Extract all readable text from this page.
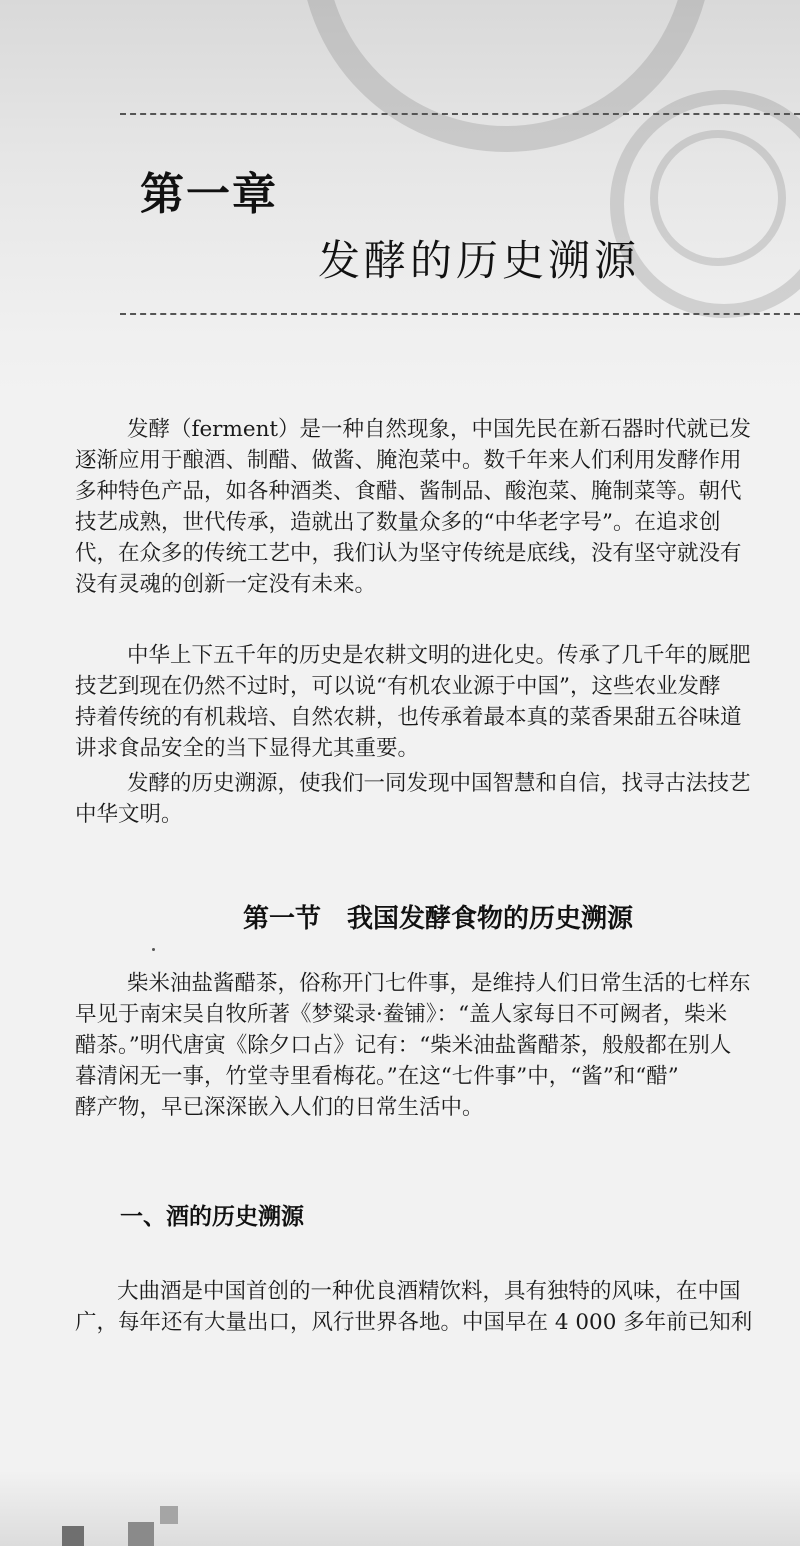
第一章
发酵的历史溯源

发酵（ferment）是一种自然现象，中国先民在新石器时代就已发
逐渐应用于酿酒、制醋、做酱、腌泡菜中。数千年来人们利用发酵作用
多种特色产品，如各种酒类、食醋、酱制品、酸泡菜、腌制菜等。朝代
技艺成熟，世代传承，造就出了数量众多的“中华老字号”。在追求创
代，在众多的传统工艺中，我们认为坚守传统是底线，没有坚守就没有
没有灵魂的创新一定没有未来。

中华上下五千年的历史是农耕文明的进化史。传承了几千年的厩肥
技艺到现在仍然不过时，可以说“有机农业源于中国”，这些农业发酵
持着传统的有机栽培、自然农耕，也传承着最本真的菜香果甜五谷味道
讲求食品安全的当下显得尤其重要。

发酵的历史溯源，使我们一同发现中国智慧和自信，找寻古法技艺
中华文明。

第一节　我国发酵食物的历史溯源

柴米油盐酱醋茶，俗称开门七件事，是维持人们日常生活的七样东
早见于南宋吴自牧所著《梦粱录·鲞铺》：“盖人家每日不可阙者，柴米
醋茶。”明代唐寅《除夕口占》记有：“柴米油盐酱醋茶，般般都在别人
暮清闲无一事，竹堂寺里看梅花。”在这“七件事”中，“酱”和“醋”
酵产物，早已深深嵌入人们的日常生活中。

一、酒的历史溯源

大曲酒是中国首创的一种优良酒精饮料，具有独特的风味，在中国
广，每年还有大量出口，风行世界各地。中国早在 4 000 多年前已知利
